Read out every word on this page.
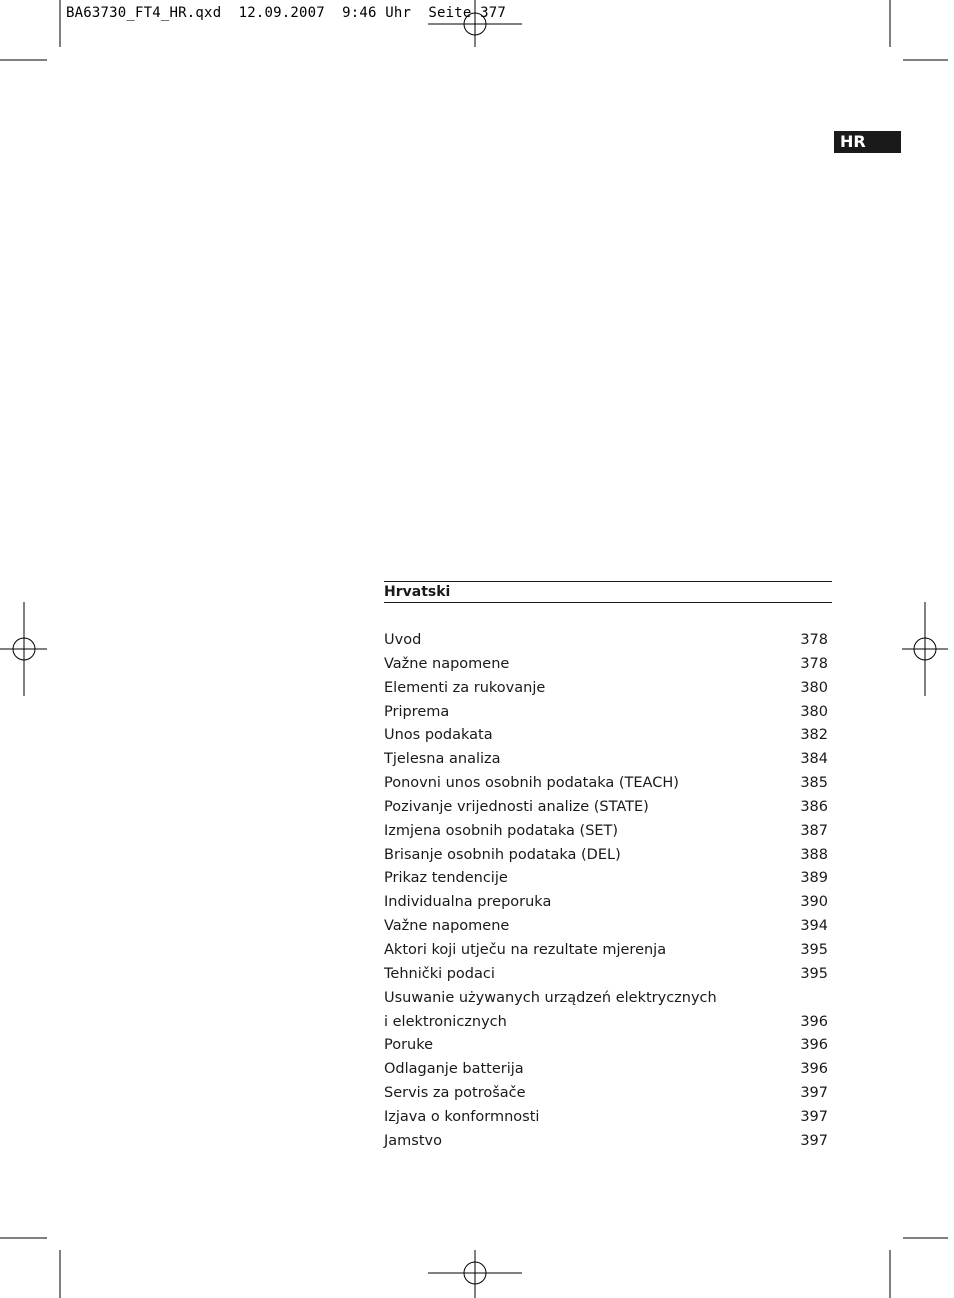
BA63730_FT4_HR.qxd  12.09.2007  9:46 Uhr  Seite 377
HR
Hrvatski
Uvod	378
Važne napomene	378
Elementi za rukovanje	380
Priprema	380
Unos podakata	382
Tjelesna analiza	384
Ponovni unos osobnih podataka (TEACH)	385
Pozivanje vrijednosti analize (STATE)	386
Izmjena osobnih podataka (SET)	387
Brisanje osobnih podataka (DEL)	388
Prikaz tendencije	389
Individualna preporuka	390
Važne napomene	394
Aktori koji utječu na rezultate mjerenja	395
Tehnički podaci	395
Usuwanie używanych urządzeń elektrycznych
i elektronicznych	396
Poruke	396
Odlaganje batterija	396
Servis za potrošače	397
Izjava o konformnosti	397
Jamstvo	397
